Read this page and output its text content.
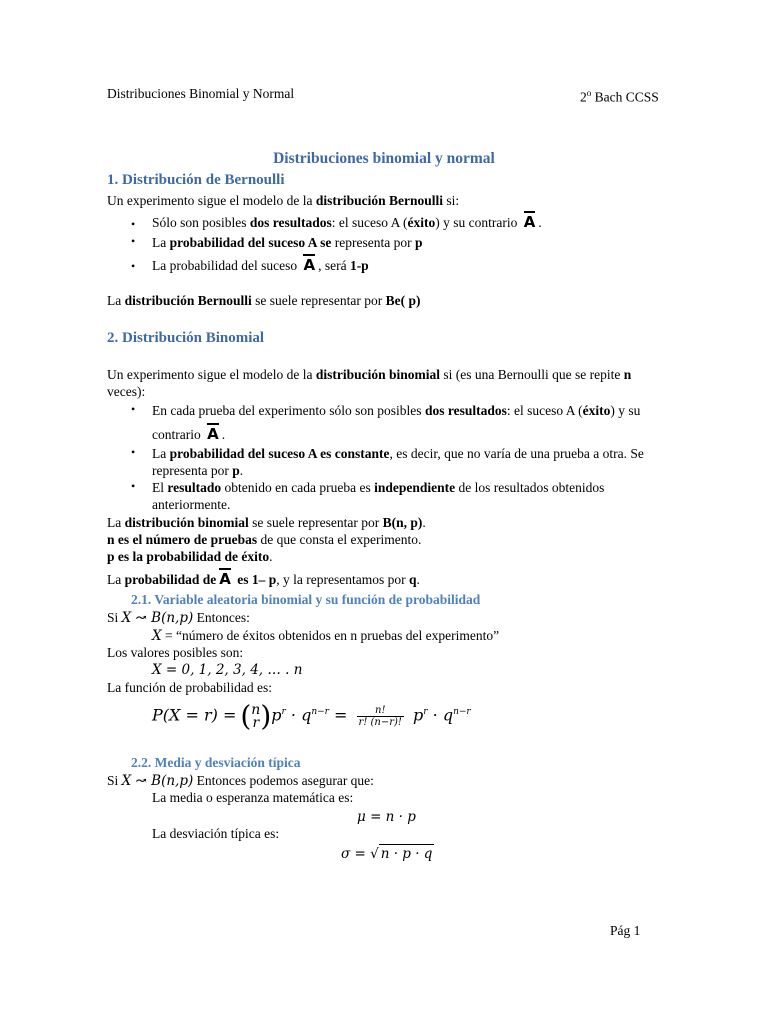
Distribuciones Binomial y Normal	2$^o$ Bach CCSS
Distribuciones binomial y normal
1. Distribución de Bernoulli
Un experimento sigue el modelo de la distribución Bernoulli si:
• Sólo son posibles dos resultados: el suceso A (éxito) y su contrario A .
• La probabilidad del suceso A se representa por p
• La probabilidad del suceso A , será 1-p
La distribución Bernoulli se suele representar por Be( p)
2. Distribución Binomial
Un experimento sigue el modelo de la distribución binomial si (es una Bernoulli que se repite n
veces):
• En cada prueba del experimento sólo son posibles dos resultados: el suceso A (éxito) y su
contrario A .
• La probabilidad del suceso A es constante, es decir, que no varía de una prueba a otra. Se
representa por p.
• El resultado obtenido en cada prueba es independiente de los resultados obtenidos
anteriormente.
La distribución binomial se suele representar por B(n, p).
n es el número de pruebas de que consta el experimento.
p es la probabilidad de éxito.
La probabilidad de A es 1– p, y la representamos por q.
2.1. Variable aleatoria binomial y su función de probabilidad
Si X ↝ B(n,p) Entonces:
X = “número de éxitos obtenidos en n pruebas del experimento”
Los valores posibles son:
X = 0, 1, 2, 3, 4, … . n
La función de probabilidad es:
P(X = r) = ( n
r )$p^r \cdot q^{n-r} = \frac{n!}{r! (n-r)!} p^r \cdot q^{n-r}$
2.2. Media y desviación típica
Si X ↝ B(n,p) Entonces podemos asegurar que:
La media o esperanza matemática es:
μ = n · p
La desviación típica es:
σ = √ n · p · q
Pág 1
